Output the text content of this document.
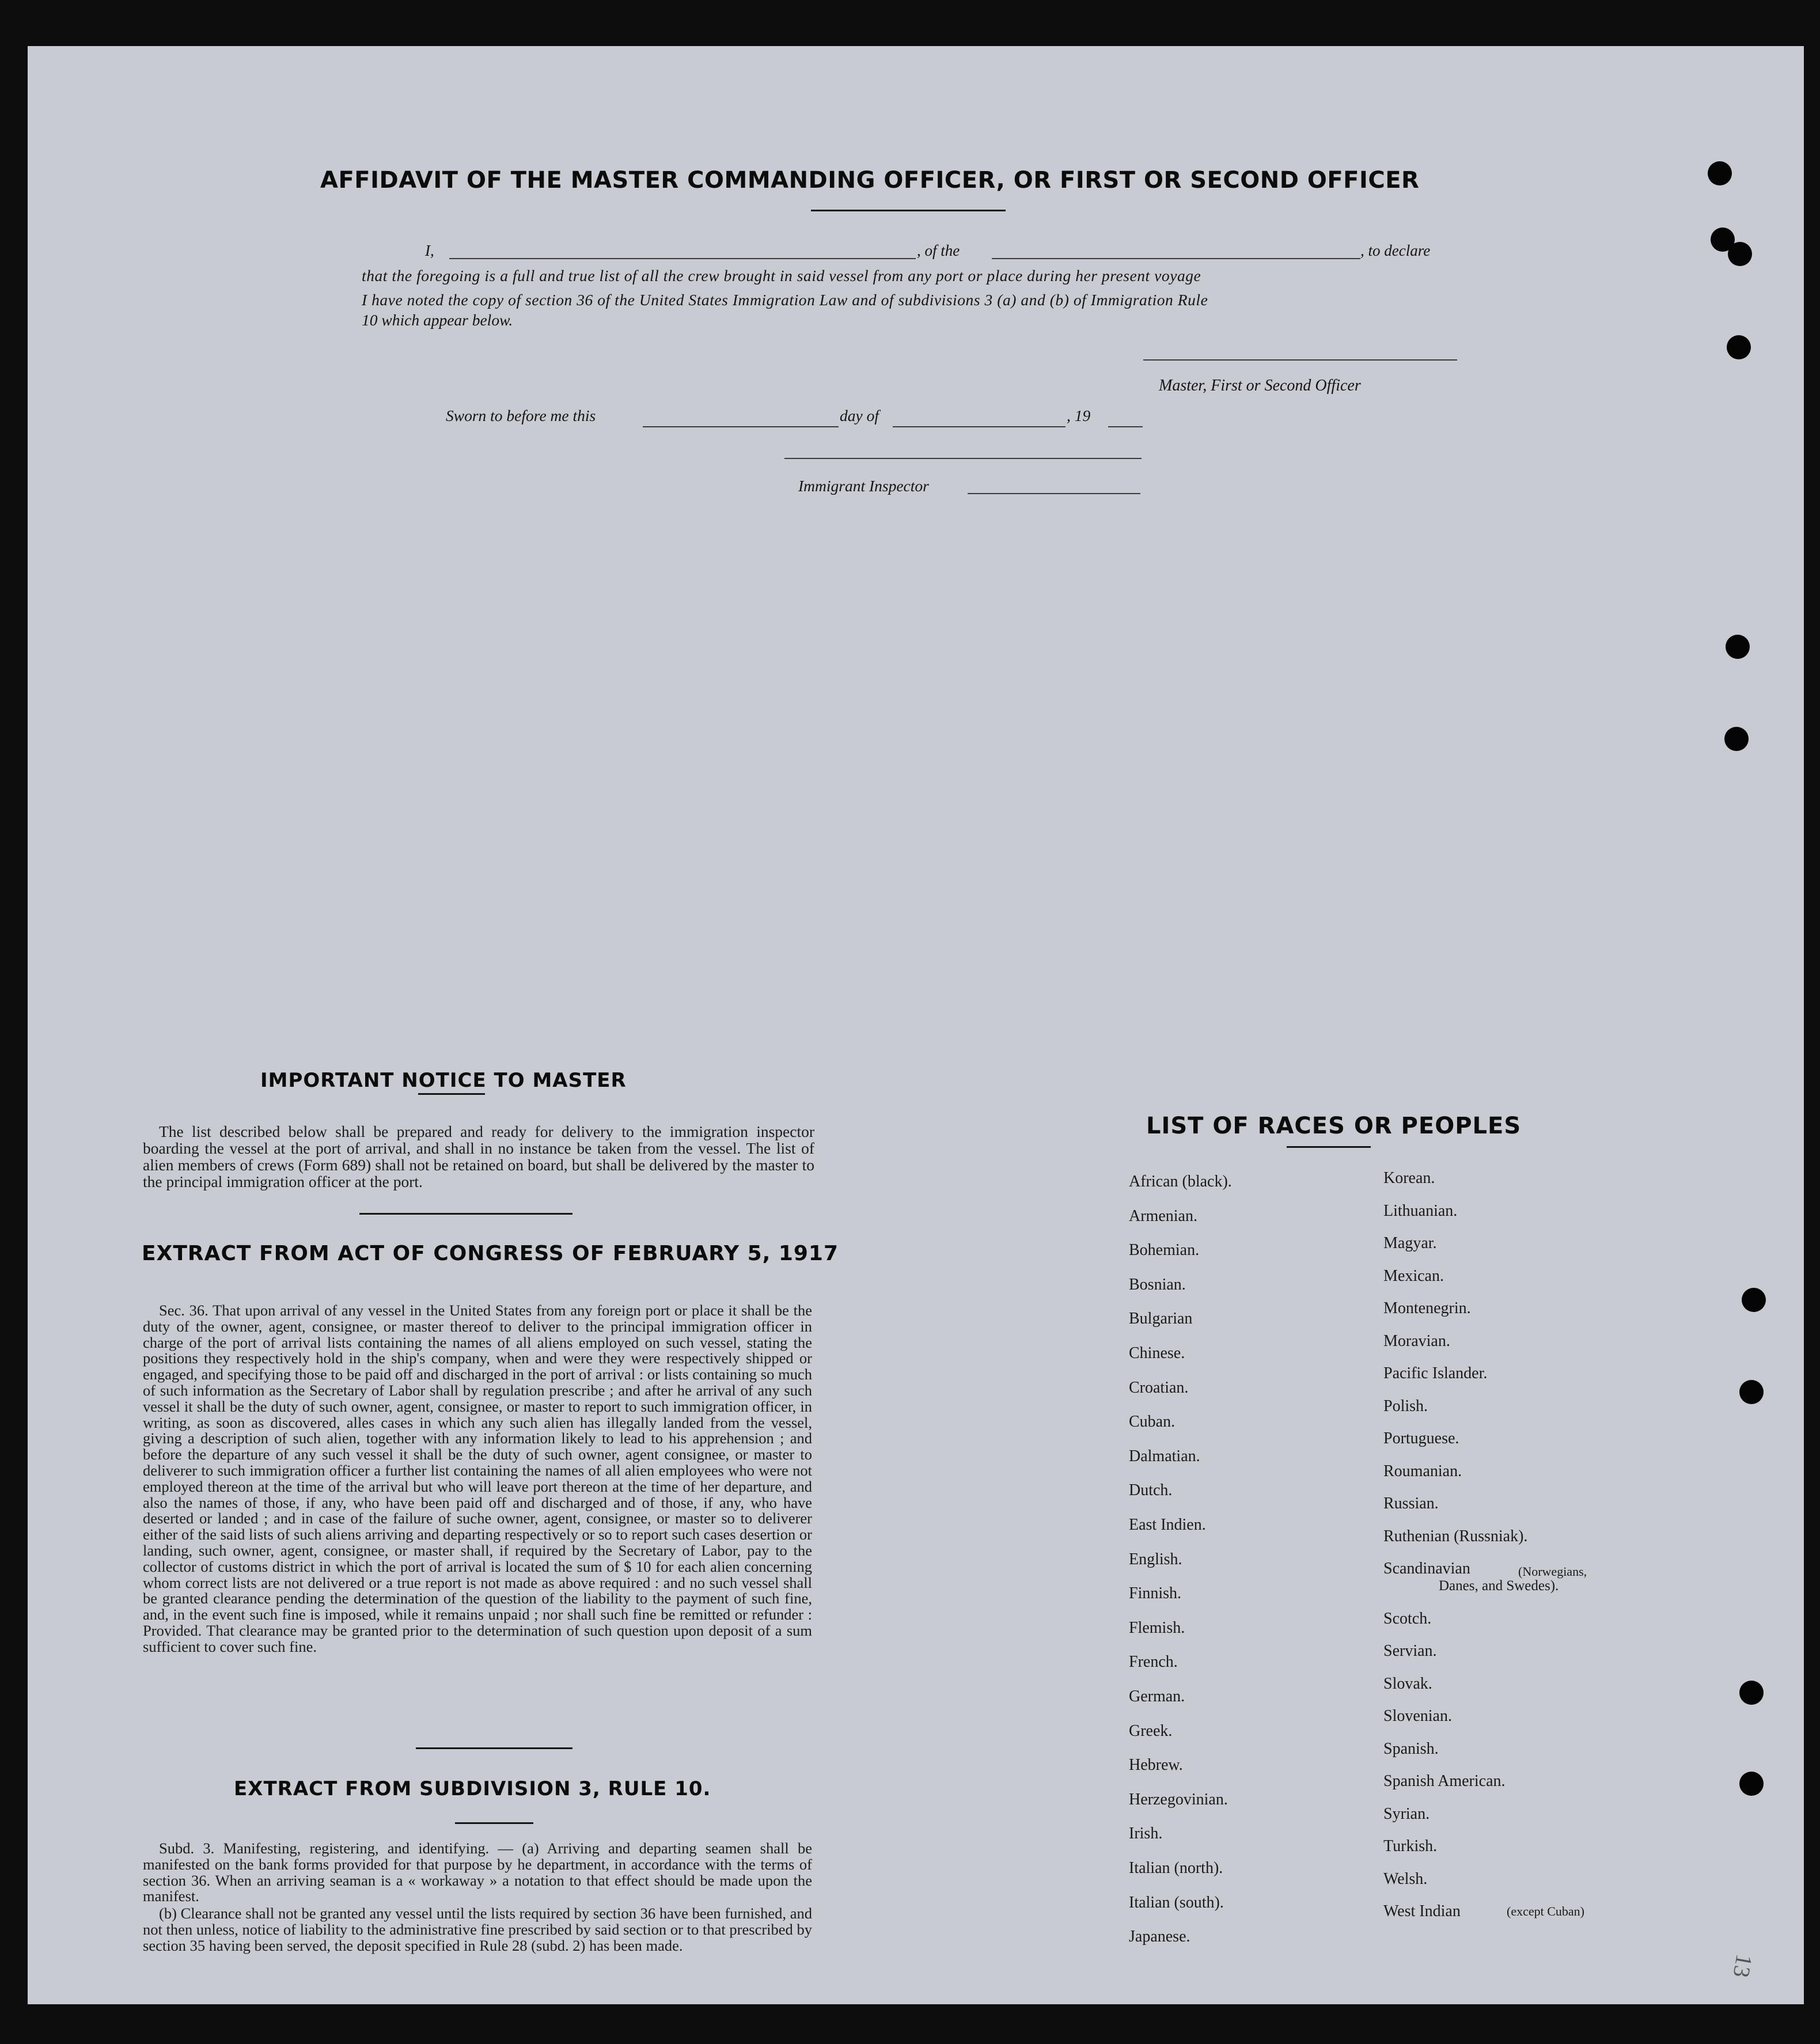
AFFIDAVIT OF THE MASTER COMMANDING OFFICER, OR FIRST OR SECOND OFFICER
I,	, of the	, to declare
that the foregoing is a full and true list of all the crew brought in said vessel from any port or place during her present voyage
I have noted the copy of section 36 of the United States Immigration Law and of subdivisions 3 (a) and (b) of Immigration Rule
10 which appear below.
Master, First or Second Officer
Sworn to before me this	day of	, 19
Immigrant Inspector
IMPORTANT NOTICE TO MASTER

The list described below shall be prepared and ready for delivery to the immigration inspector boarding the vessel at the port of arrival, and shall in no instance be taken from the vessel. The list of alien members of crews (Form 689) shall not be retained on board, but shall be delivered by the master to the principal immigration officer at the port.

EXTRACT FROM ACT OF CONGRESS OF FEBRUARY 5, 1917

Sec. 36. That upon arrival of any vessel in the United States from any foreign port or place it shall be the duty of the owner, agent, consignee, or master thereof to deliver to the principal immigration officer in charge of the port of arrival lists containing the names of all aliens employed on such vessel, stating the positions they respectively hold in the ship's company, when and were they were respectively shipped or engaged, and specifying those to be paid off and discharged in the port of arrival : or lists containing so much of such information as the Secretary of Labor shall by regulation prescribe ; and after he arrival of any such vessel it shall be the duty of such owner, agent, consignee, or master to report to such immigration officer, in writing, as soon as discovered, alles cases in which any such alien has illegally landed from the vessel, giving a description of such alien, together with any information likely to lead to his apprehension ; and before the departure of any such vessel it shall be the duty of such owner, agent consignee, or master to deliverer to such immigration officer a further list containing the names of all alien employees who were not employed thereon at the time of the arrival but who will leave port thereon at the time of her departure, and also the names of those, if any, who have been paid off and discharged and of those, if any, who have deserted or landed ; and in case of the failure of suche owner, agent, consignee, or master so to deliverer either of the said lists of such aliens arriving and departing respectively or so to report such cases desertion or landing, such owner, agent, consignee, or master shall, if required by the Secretary of Labor, pay to the collector of customs district in which the port of arrival is located the sum of $ 10 for each alien concerning whom correct lists are not delivered or a true report is not made as above required : and no such vessel shall be granted clearance pending the determination of the question of the liability to the payment of such fine, and, in the event such fine is imposed, while it remains unpaid ; nor shall such fine be remitted or refunder : Provided. That clearance may be granted prior to the determination of such question upon deposit of a sum sufficient to cover such fine.

EXTRACT FROM SUBDIVISION 3, RULE 10.

Subd. 3. Manifesting, registering, and identifying. — (a) Arriving and departing seamen shall be manifested on the bank forms provided for that purpose by he department, in accordance with the terms of section 36. When an arriving seaman is a « workaway » a notation to that effect should be made upon the manifest.

(b) Clearance shall not be granted any vessel until the lists required by section 36 have been furnished, and not then unless, notice of liability to the administrative fine prescribed by said section or to that prescribed by section 35 having been served, the deposit specified in Rule 28 (subd. 2) has been made.

LIST OF RACES OR PEOPLES
(Norwegians,
Danes, and Swedes).
(except Cuban)
13
African (black).
Armenian.
Bohemian.
Bosnian.
Bulgarian
Chinese.
Croatian.
Cuban.
Dalmatian.
Dutch.
East Indien.
English.
Finnish.
Flemish.
French.
German.
Greek.
Hebrew.
Herzegovinian.
Irish.
Italian (north).
Italian (south).
Japanese.
Korean.
Lithuanian.
Magyar.
Mexican.
Montenegrin.
Moravian.
Pacific Islander.
Polish.
Portuguese.
Roumanian.
Russian.
Ruthenian (Russniak).
Scandinavian
Scotch.
Servian.
Slovak.
Slovenian.
Spanish.
Spanish American.
Syrian.
Turkish.
Welsh.
West Indian
